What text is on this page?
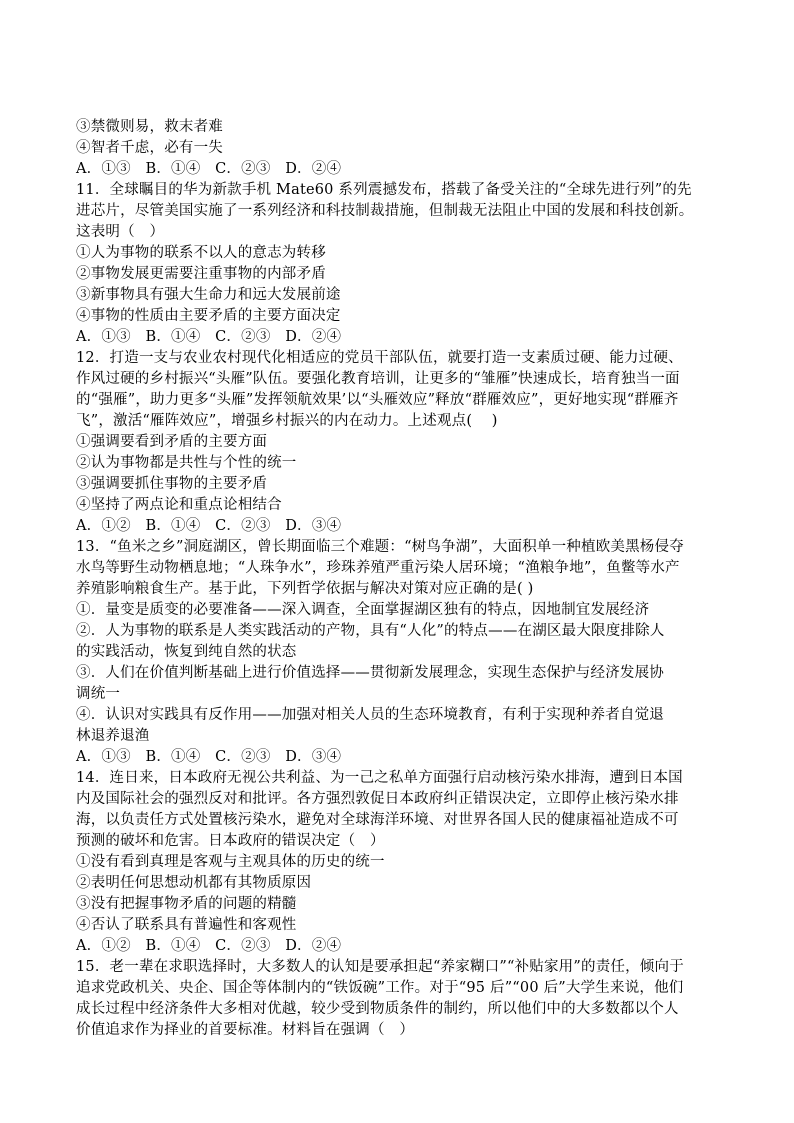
③禁微则易，救末者难
④智者千虑，必有一失
A．①③　B．①④　C．②③　D．②④
11．全球瞩目的华为新款手机 Mate60 系列震撼发布，搭载了备受关注的“全球先进行列”的先
进芯片，尽管美国实施了一系列经济和科技制裁措施，但制裁无法阻止中国的发展和科技创新。
这表明（　）
①人为事物的联系不以人的意志为转移
②事物发展更需要注重事物的内部矛盾
③新事物具有强大生命力和远大发展前途
④事物的性质由主要矛盾的主要方面决定
A．①③　B．①④　C．②③　D．②④
12．打造一支与农业农村现代化相适应的党员干部队伍，就要打造一支素质过硬、能力过硬、
作风过硬的乡村振兴“头雁”队伍。要强化教育培训，让更多的“雏雁”快速成长，培育独当一面
的“强雁”，助力更多“头雁”发挥领航效果’以“头雁效应”释放“群雁效应”，更好地实现“群雁齐
飞”，激活“雁阵效应”，增强乡村振兴的内在动力。上述观点(　 )
①强调要看到矛盾的主要方面
②认为事物都是共性与个性的统一
③强调要抓住事物的主要矛盾
④坚持了两点论和重点论相结合
A．①②　B．①④　C．②③　D．③④
13．“鱼米之乡”洞庭湖区，曾长期面临三个难题：“树鸟争湖”，大面积单一种植欧美黑杨侵夺
水鸟等野生动物栖息地；“人珠争水”，珍珠养殖严重污染人居环境；“渔粮争地”，鱼鳖等水产
养殖影响粮食生产。基于此，下列哲学依据与解决对策对应正确的是( )
①．量变是质变的必要准备——深入调查，全面掌握湖区独有的特点，因地制宜发展经济
②．人为事物的联系是人类实践活动的产物，具有“人化”的特点——在湖区最大限度排除人
的实践活动，恢复到纯自然的状态
③．人们在价值判断基础上进行价值选择——贯彻新发展理念，实现生态保护与经济发展协
调统一
④．认识对实践具有反作用——加强对相关人员的生态环境教育，有利于实现种养者自觉退
林退养退渔
A．①③　B．①④　C．②③　D．③④
14．连日来，日本政府无视公共利益、为一己之私单方面强行启动核污染水排海，遭到日本国
内及国际社会的强烈反对和批评。各方强烈敦促日本政府纠正错误决定，立即停止核污染水排
海，以负责任方式处置核污染水，避免对全球海洋环境、对世界各国人民的健康福祉造成不可
预测的破坏和危害。日本政府的错误决定（　）
①没有看到真理是客观与主观具体的历史的统一
②表明任何思想动机都有其物质原因
③没有把握事物矛盾的问题的精髓
④否认了联系具有普遍性和客观性
A．①②　B．①④　C．②③　D．②④
15．老一辈在求职选择时，大多数人的认知是要承担起“养家糊口”“补贴家用”的责任，倾向于
追求党政机关、央企、国企等体制内的“铁饭碗”工作。对于“95 后”“00 后”大学生来说，他们
成长过程中经济条件大多相对优越，较少受到物质条件的制约，所以他们中的大多数都以个人
价值追求作为择业的首要标准。材料旨在强调（　）
